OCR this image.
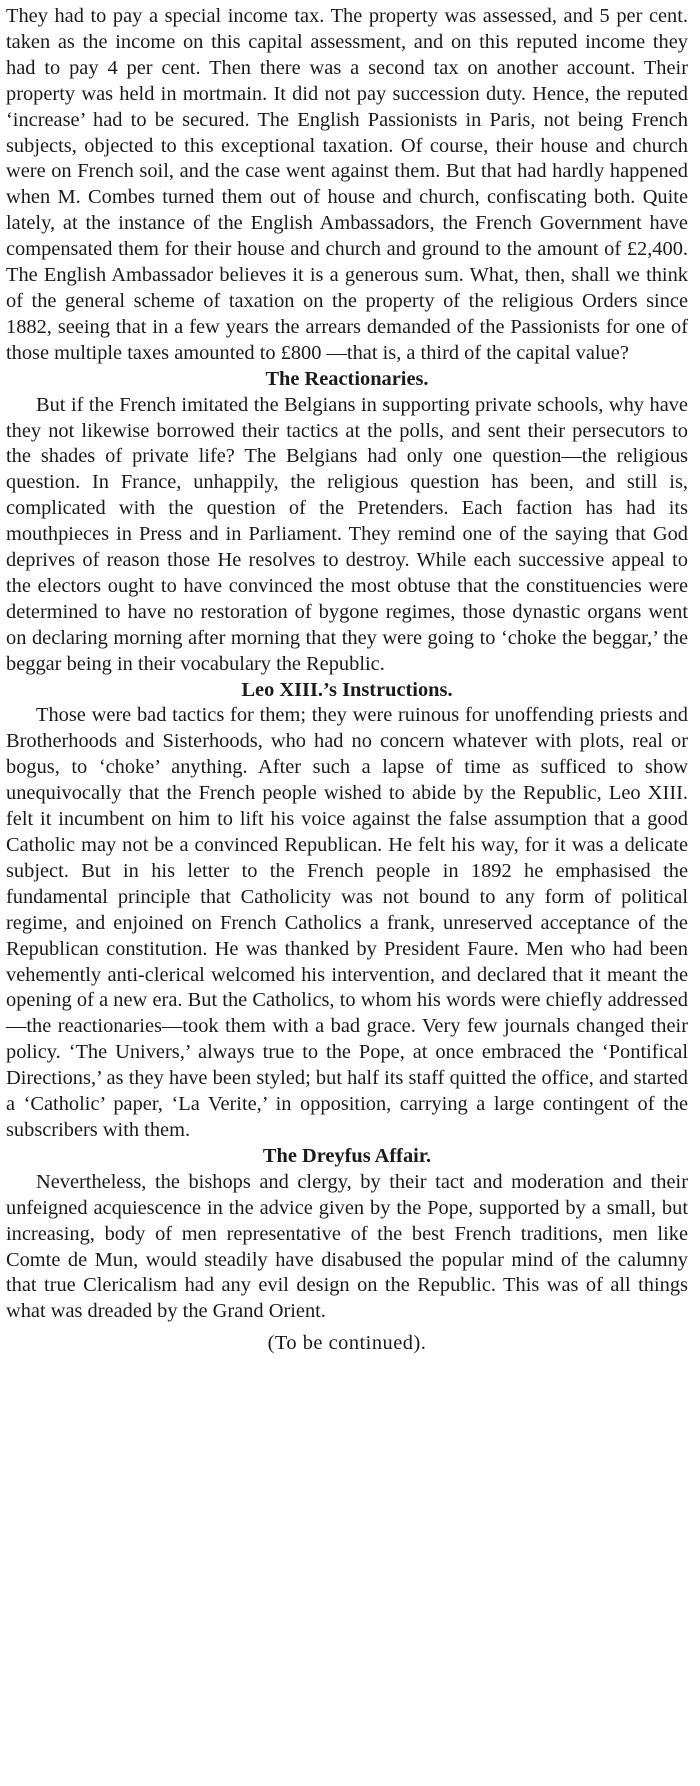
They had to pay a special income tax. The property was assessed, and 5 per cent. taken as the income on this capital assessment, and on this reputed income they had to pay 4 per cent. Then there was a second tax on another account. Their property was held in mortmain. It did not pay succession duty. Hence, the reputed ‘increase’ had to be secured. The English Passionists in Paris, not being French subjects, objected to this exceptional taxation. Of course, their house and church were on French soil, and the case went against them. But that had hardly happened when M. Combes turned them out of house and church, confiscating both. Quite lately, at the instance of the English Ambassadors, the French Government have compensated them for their house and church and ground to the amount of £2,400. The English Ambassador believes it is a generous sum. What, then, shall we think of the general scheme of taxation on the property of the religious Orders since 1882, seeing that in a few years the arrears demanded of the Passionists for one of those multiple taxes amounted to £800 —that is, a third of the capital value?

The Reactionaries.

But if the French imitated the Belgians in supporting private schools, why have they not likewise borrowed their tactics at the polls, and sent their persecutors to the shades of private life? The Belgians had only one question—the religious question. In France, unhappily, the religious question has been, and still is, complicated with the question of the Pretenders. Each faction has had its mouthpieces in Press and in Parliament. They remind one of the saying that God deprives of reason those He resolves to destroy. While each successive appeal to the electors ought to have convinced the most obtuse that the constituencies were determined to have no restoration of bygone regimes, those dynastic organs went on declaring morning after morning that they were going to ‘choke the beggar,’ the beggar being in their vocabulary the Republic.

Leo XIII.’s Instructions.

Those were bad tactics for them; they were ruinous for unoffending priests and Brotherhoods and Sisterhoods, who had no concern whatever with plots, real or bogus, to ‘choke’ anything. After such a lapse of time as sufficed to show unequivocally that the French people wished to abide by the Republic, Leo XIII. felt it incumbent on him to lift his voice against the false assumption that a good Catholic may not be a convinced Republican. He felt his way, for it was a delicate subject. But in his letter to the French people in 1892 he emphasised the fundamental principle that Catholicity was not bound to any form of political regime, and enjoined on French Catholics a frank, unreserved acceptance of the Republican constitution. He was thanked by President Faure. Men who had been vehemently anti-clerical welcomed his intervention, and declared that it meant the opening of a new era. But the Catholics, to whom his words were chiefly addressed—the reactionaries—took them with a bad grace. Very few journals changed their policy. ‘The Univers,’ always true to the Pope, at once embraced the ‘Pontifical Directions,’ as they have been styled; but half its staff quitted the office, and started a ‘Catholic’ paper, ‘La Verite,’ in opposition, carrying a large contingent of the subscribers with them.

The Dreyfus Affair.

Nevertheless, the bishops and clergy, by their tact and moderation and their unfeigned acquiescence in the advice given by the Pope, supported by a small, but increasing, body of men representative of the best French traditions, men like Comte de Mun, would steadily have disabused the popular mind of the calumny that true Clericalism had any evil design on the Republic. This was of all things what was dreaded by the Grand Orient.

(To be continued).
